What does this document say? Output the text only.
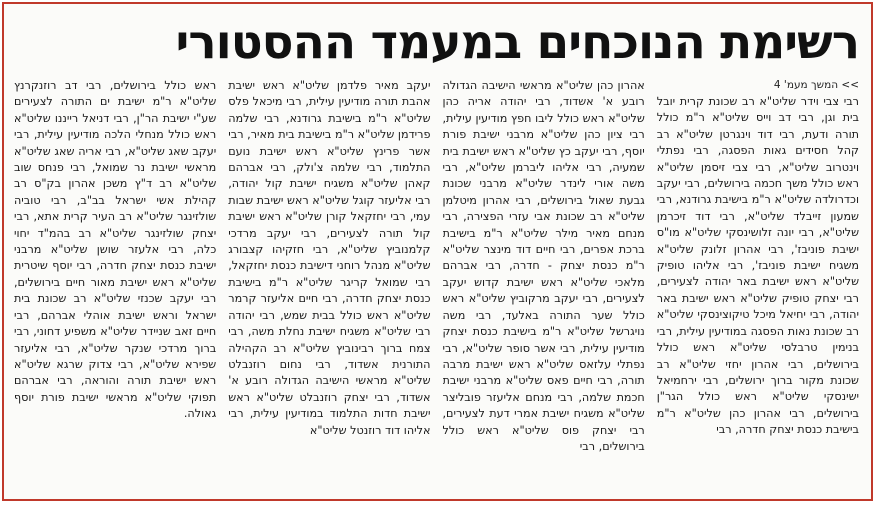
רשימת הנוכחים במעמד ההסטורי
>> המשך מעמ' 4
רבי צבי וידר שליט"א רב שכונת קרית יובל בית וגן, רבי דב וייס שליט"א ר"מ כולל תורה ודעת, רבי דוד וינגרטן שליט"א רב קהל חסידים גאות הפסגה, רבי נפתלי וינטרוב שליט"א, רבי צבי זיסמן שליט"א ראש כולל משך חכמה בירושלים, רבי יעקב וכדרולדה שליט"א ר"מ בישיבת גרודנא, רבי שמעון זייבלד שליט"א, רבי דוד זיכרמן שליט"א, רבי יונה זלושינסקי שליט"א מו"ס ישיבת פוניבז', רבי אהרון זלונק שליט"א משגיח ישיבת פוניבז', רבי אליהו טופיק שליט"א ראש ישיבת באר יהודה לצעירים, רבי יצחק טופיק שליט"א ראש ישיבת באר יהודה, רבי יחיאל מיכל טיקוצינסקי שליט"א רב שכונת נאות הפסגה במודיעין עילית, רבי בנימין טרבלסי שליט"א ראש כולל בירושלים, רבי אהרון יחזי שליט"א רב שכונת מקור ברוך ירושלים, רבי ירחמיאל ישינסקי שליט"א ראש כולל הגר"ן בירושלים, רבי אהרון כהן שליט"א ר"מ בישיבת כנסת יצחק חדרה, רבי
אהרון כהן שליט"א מראשי הישיבה הגדולה רובע א' אשדוד, רבי יהודה אריה כהן שליט"א ראש כולל ליבו חפץ מודיעין עילית, רבי ציון כהן שליט"א מרבני ישיבת פורת יוסף, רבי יעקב כץ שליט"א ראש ישיבת בית שמעיה, רבי אליהו ליברמן שליט"א, רבי משה אורי לינדר שליט"א מרבני שכונת גבעת שאול בירושלים, רבי אהרון מיטלמן שליט"א רב שכונת אבי עזרי הפצירה, רבי מנחם מאיר מילר שליט"א ר"מ בישיבת ברכת אפרים, רבי חיים דוד מינצר שליט"א ר"מ כנסת יצחק - חדרה, רבי אברהם מלאכי שליט"א ראש ישיבת קדוש יעקב לצעירים, רבי יעקב מרקוביץ שליט"א ראש כולל שער התורה באלעד, רבי משה נויגרשל שליט"א ר"מ בישיבת כנסת יצחק מודיעין עילית, רבי אשר סופר שליט"א, רבי נפתלי עלזאס שליט"א ראש ישיבת מרבה תורה, רבי חיים פאס שליט"א מרבני ישיבת חכמת שלמה, רבי מנחם אליעזר פובליצר שליט"א משגיח ישיבת אמרי דעת לצעירים, רבי יצחק פוס שליט"א ראש כולל בירושלים, רבי
יעקב מאיר פלדמן שליט"א ראש ישיבת אהבת תורה מודיעין עילית, רבי מיכאל פלס שליט"א ר"מ בישיבת גרודנא, רבי שלמה פרידמן שליט"א ר"מ בישיבת בית מאיר, רבי אשר פרינץ שליט"א ראש ישיבת נועם התלמוד, רבי שלמה צ'ולק, רבי אברהם קאהן שליט"א משגיח ישיבת קול יהודה, רבי אליעזר קוגל שליט"א ראש ישיבת שבות עמי, רבי יחזקאל קורן שליט"א ראש ישיבת קול תורה לצעירים, רבי יעקב מרדכי קלמנוביץ שליט"א, רבי חזקיהו קצבורג שליט"א מנהל רוחני דישיבת כנסת יחזקאל, רבי שמואל קריגר שליט"א ר"מ בישיבת כנסת יצחק חדרה, רבי חיים אליעזר קרמר שליט"א ראש כולל בבית שמש, רבי יהודה רבי שליט"א משגיח ישיבת נחלת משה, רבי צמח ברוך רבינוביץ שליט"א רב הקהילה התורנית אשדוד, רבי נחום רוזנבלט שליט"א מראשי הישיבה הגדולה רובע א' אשדוד, רבי יצחק רוזנבלט שליט"א ראש ישיבת חדות התלמוד במודיעין עילית, רבי אליהו דוד רוזנטל שליט"א
ראש כולל בירושלים, רבי דב רוזנקרנץ שליט"א ר"מ ישיבת ים התורה לצעירים שע"י ישיבת הר"ן, רבי דניאל רייננו שליט"א ראש כולל מנחלי הלכה מודיעין עילית, רבי יעקב שאג שליט"א, רבי אריה שאג שליט"א מראשי ישיבת נר שמואל, רבי פנחס שוב שליט"א רב ד"ץ משכן אהרון בק"ס רב קהילת אשי ישראל בב"ב, רבי טוביה שולזינגר שליט"א רב העיר קרית אתא, רבי יצחק שולזינגר שליט"א רב בהמ"ד יחוי כלה, רבי אלעזר שושן שליט"א מרבני ישיבת כנסת יצחק חדרה, רבי יוסף שיטרית שליט"א ראש ישיבת מאור חיים בירושלים, רבי יעקב שכנזי שליט"א רב שכונת בית ישראל וראש ישיבת אוהלי אברהם, רבי חיים זאב שניידר שליט"א משפיע דחוני, רבי ברוך מרדכי שנקר שליט"א, רבי אליעזר שפירא שליט"א, רבי צדוק שרגא שליט"א ראש ישיבת תורה והוראה, רבי אברהם תפוקי שליט"א מראשי ישיבת פורת יוסף גאולה.
